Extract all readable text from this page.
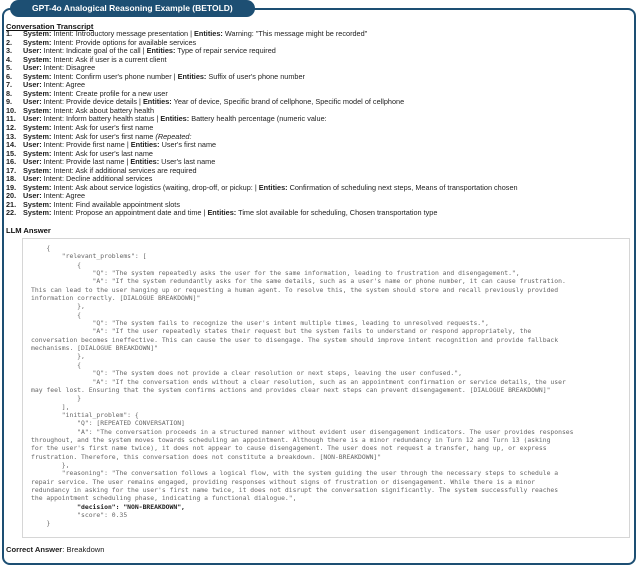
GPT-4o Analogical Reasoning Example (BETOLD)
Conversation Transcript
1. System: Intent: Introductory message presentation | Entities: Warning: "This message might be recorded"
2. System: Intent: Provide options for available services
3. User: Intent: Indicate goal of the call | Entities: Type of repair service required
4. System: Intent: Ask if user is a current client
5. User: Intent: Disagree
6. System: Intent: Confirm user's phone number | Entities: Suffix of user's phone number
7. User: Intent: Agree
8. System: Intent: Create profile for a new user
9. User: Intent: Provide device details | Entities: Year of device, Specific brand of cellphone, Specific model of cellphone
10. System: Intent: Ask about battery health
11. User: Intent: Inform battery health status | Entities: Battery health percentage (numeric value:
12. System: Intent: Ask for user's first name
13. System: Intent: Ask for user's first name (Repeated:
14. User: Intent: Provide first name | Entities: User's first name
15. System: Intent: Ask for user's last name
16. User: Intent: Provide last name | Entities: User's last name
17. System: Intent: Ask if additional services are required
18. User: Intent: Decline additional services
19. System: Intent: Ask about service logistics (waiting, drop-off, or pickup: | Entities: Confirmation of scheduling next steps, Means of transportation chosen
20. User: Intent: Agree
21. System: Intent: Find available appointment slots
22. System: Intent: Propose an appointment date and time | Entities: Time slot available for scheduling, Chosen transportation type
LLM Answer
{
"relevant_problems": [
{
"Q": "The system repeatedly asks the user for the same information, leading to frustration and disengagement.",
"A": "If the system redundantly asks for the same details, such as a user's name or phone number, it can cause frustration.
This can lead to the user hanging up or requesting a human agent. To resolve this, the system should store and recall previously provided
information correctly. [DIALOGUE BREAKDOWN]"
},
{
"Q": "The system fails to recognize the user's intent multiple times, leading to unresolved requests.",
"A": "If the user repeatedly states their request but the system fails to understand or respond appropriately, the
conversation becomes ineffective. This can cause the user to disengage. The system should improve intent recognition and provide fallback
mechanisms. [DIALOGUE BREAKDOWN]"
},
{
"Q": "The system does not provide a clear resolution or next steps, leaving the user confused.",
"A": "If the conversation ends without a clear resolution, such as an appointment confirmation or service details, the user
may feel lost. Ensuring that the system confirms actions and provides clear next steps can prevent disengagement. [DIALOGUE BREAKDOWN]"
}
],
"initial_problem": {
"Q": [REPEATED CONVERSATION]
"A": "The conversation proceeds in a structured manner without evident user disengagement indicators. The user provides responses
throughout, and the system moves towards scheduling an appointment. Although there is a minor redundancy in Turn 12 and Turn 13 (asking
for the user's first name twice), it does not appear to cause disengagement. The user does not request a transfer, hang up, or express
frustration. Therefore, this conversation does not constitute a breakdown. [NON-BREAKDOWN]"
},
"reasoning": "The conversation follows a logical flow, with the system guiding the user through the necessary steps to schedule a
repair service. The user remains engaged, providing responses without signs of frustration or disengagement. While there is a minor
redundancy in asking for the user's first name twice, it does not disrupt the conversation significantly. The system successfully reaches
the appointment scheduling phase, indicating a functional dialogue.",
"decision": "NON-BREAKDOWN",
"score": 0.35
}
Correct Answer: Breakdown
